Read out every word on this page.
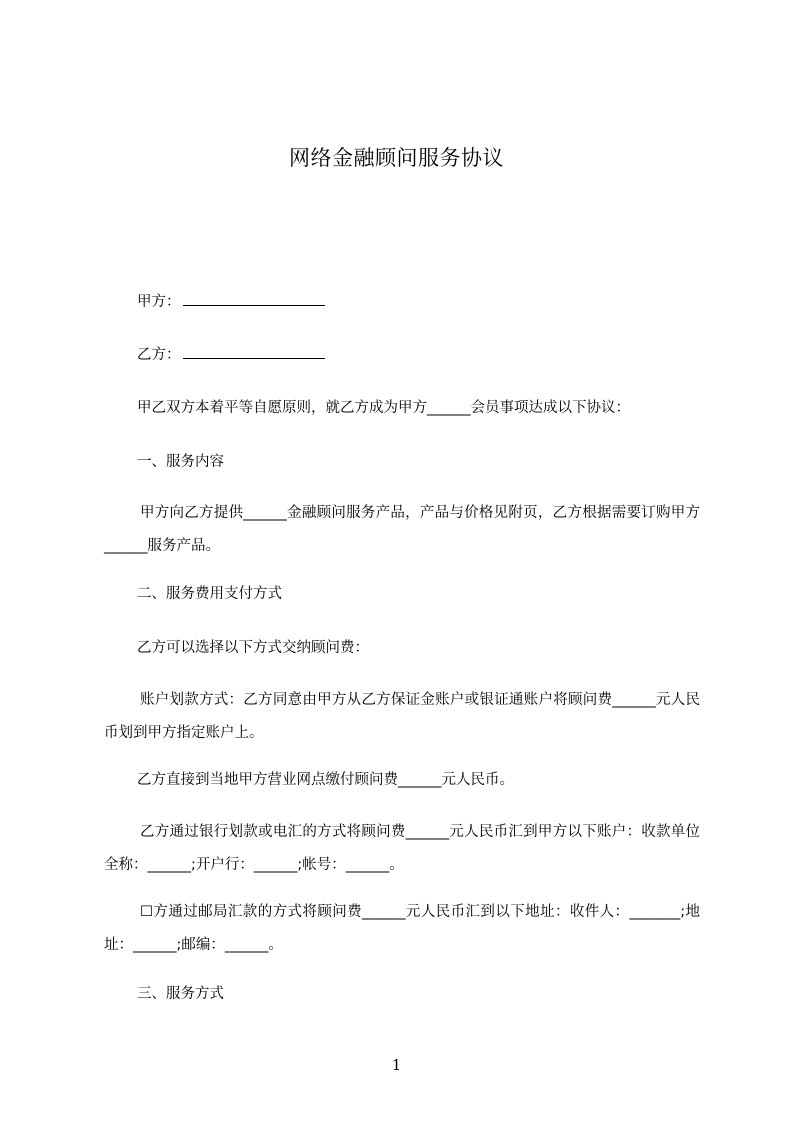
网络金融顾问服务协议
甲方：
乙方：
甲乙双方本着平等自愿原则，就乙方成为甲方______会员事项达成以下协议：
一、服务内容
甲方向乙方提供______金融顾问服务产品，产品与价格见附页，乙方根据需要订购甲方______服务产品。
二、服务费用支付方式
乙方可以选择以下方式交纳顾问费：
账户划款方式：乙方同意由甲方从乙方保证金账户或银证通账户将顾问费______元人民币划到甲方指定账户上。
乙方直接到当地甲方营业网点缴付顾问费______元人民币。
乙方通过银行划款或电汇的方式将顾问费______元人民币汇到甲方以下账户：收款单位全称：______;开户行：______;帐号：______。
☐方通过邮局汇款的方式将顾问费______元人民币汇到以下地址：收件人：_______;地址：______;邮编：______。
三、服务方式
1
